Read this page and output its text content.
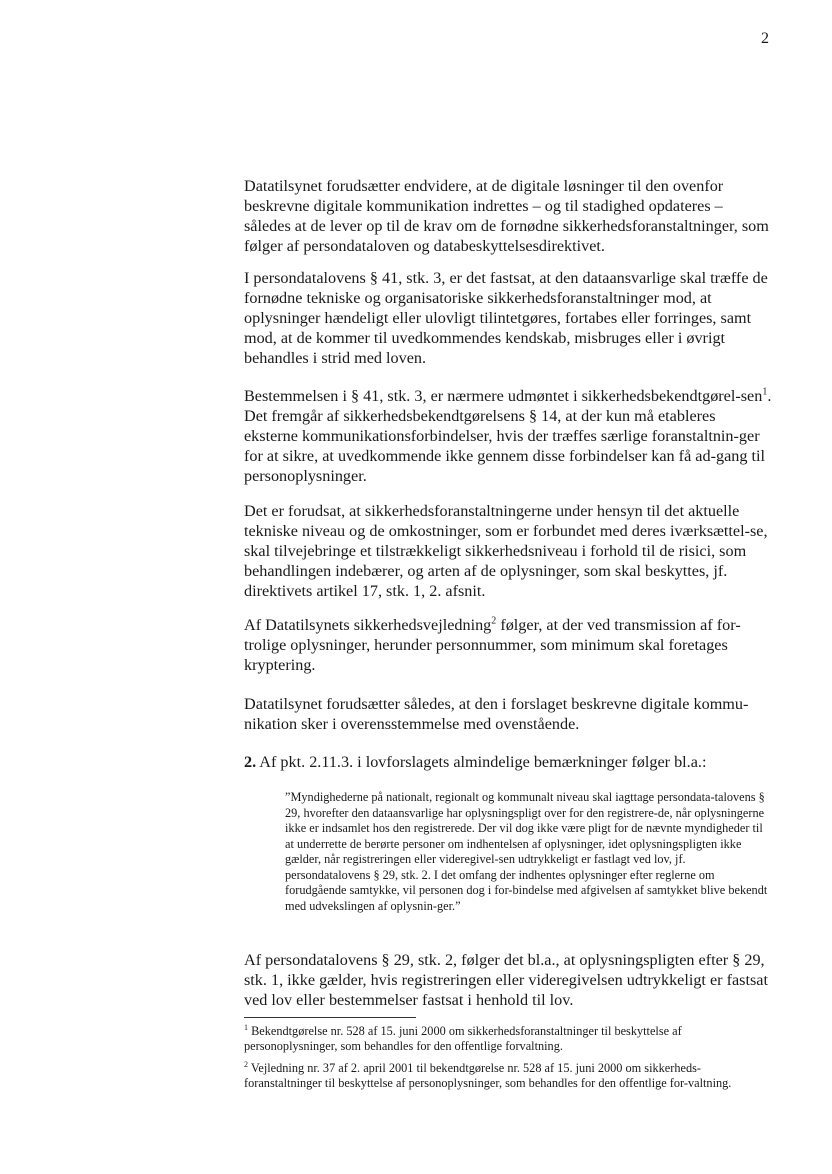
2

Datatilsynet forudsætter endvidere, at de digitale løsninger til den ovenfor beskrevne digitale kommunikation indrettes – og til stadighed opdateres – således at de lever op til de krav om de fornødne sikkerhedsforanstaltninger, som følger af persondataloven og databeskyttelsesdirektivet.

I persondatalovens § 41, stk. 3, er det fastsat, at den dataansvarlige skal træffe de fornødne tekniske og organisatoriske sikkerhedsforanstaltninger mod, at oplysninger hændeligt eller ulovligt tilintetgøres, fortabes eller forringes, samt mod, at de kommer til uvedkommendes kendskab, misbruges eller i øvrigt behandles i strid med loven.

Bestemmelsen i § 41, stk. 3, er nærmere udmøntet i sikkerhedsbekendtgørel-sen$^1$. Det fremgår af sikkerhedsbekendtgørelsens § 14, at der kun må etableres eksterne kommunikationsforbindelser, hvis der træffes særlige foranstaltnin-ger for at sikre, at uvedkommende ikke gennem disse forbindelser kan få ad-gang til personoplysninger.

Det er forudsat, at sikkerhedsforanstaltningerne under hensyn til det aktuelle tekniske niveau og de omkostninger, som er forbundet med deres iværksættel-se, skal tilvejebringe et tilstrækkeligt sikkerhedsniveau i forhold til de risici, som behandlingen indebærer, og arten af de oplysninger, som skal beskyttes, jf. direktivets artikel 17, stk. 1, 2. afsnit.

Af Datatilsynets sikkerhedsvejledning$^2$ følger, at der ved transmission af for-trolige oplysninger, herunder personnummer, som minimum skal foretages kryptering.

Datatilsynet forudsætter således, at den i forslaget beskrevne digitale kommu-nikation sker i overensstemmelse med ovenstående.

2. Af pkt. 2.11.3. i lovforslagets almindelige bemærkninger følger bl.a.:

”Myndighederne på nationalt, regionalt og kommunalt niveau skal iagttage persondata-talovens § 29, hvorefter den dataansvarlige har oplysningspligt over for den registrere-de, når oplysningerne ikke er indsamlet hos den registrerede. Der vil dog ikke være pligt for de nævnte myndigheder til at underrette de berørte personer om indhentelsen af oplysninger, idet oplysningspligten ikke gælder, når registreringen eller videregivel-sen udtrykkeligt er fastlagt ved lov, jf. persondatalovens § 29, stk. 2. I det omfang der indhentes oplysninger efter reglerne om forudgående samtykke, vil personen dog i for-bindelse med afgivelsen af samtykket blive bekendt med udvekslingen af oplysnin-ger.”

Af persondatalovens § 29, stk. 2, følger det bl.a., at oplysningspligten efter § 29, stk. 1, ikke gælder, hvis registreringen eller videregivelsen udtrykkeligt er fastsat ved lov eller bestemmelser fastsat i henhold til lov.

$^1$ Bekendtgørelse nr. 528 af 15. juni 2000 om sikkerhedsforanstaltninger til beskyttelse af personoplysninger, som behandles for den offentlige forvaltning.

$^2$ Vejledning nr. 37 af 2. april 2001 til bekendtgørelse nr. 528 af 15. juni 2000 om sikkerheds-foranstaltninger til beskyttelse af personoplysninger, som behandles for den offentlige for-valtning.
